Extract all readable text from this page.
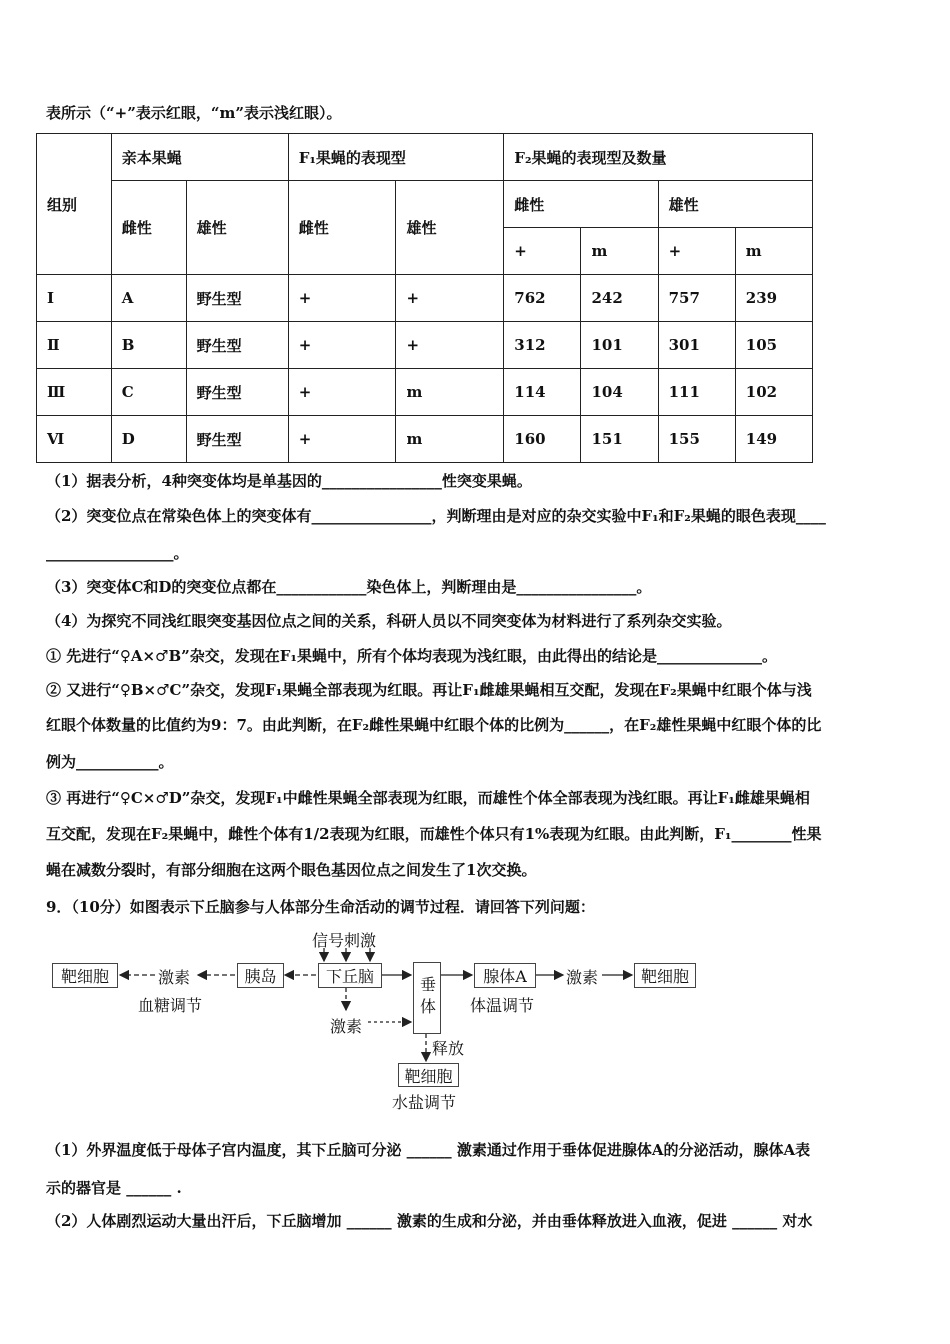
表所示（“+”表示红眼，“m”表示浅红眼）。
组别	亲本果蝇		F₁果蝇的表现型		F₂果蝇的表现型及数量			
	雌性	雄性	雌性	雄性	雌性		雄性	
					+	m	+	m
Ⅰ	A	野生型	+	+	762	242	757	239
Ⅱ	B	野生型	+	+	312	101	301	105
Ⅲ	C	野生型	+	m	114	104	111	102
Ⅵ	D	野生型	+	m	160	151	155	149
（1）据表分析，4种突变体均是单基因的________________性突变果蝇。
（2）突变位点在常染色体上的突变体有________________，判断理由是对应的杂交实验中F₁和F₂果蝇的眼色表现____
_________________。
（3）突变体C和D的突变位点都在____________染色体上，判断理由是________________。
（4）为探究不同浅红眼突变基因位点之间的关系，科研人员以不同突变体为材料进行了系列杂交实验。
① 先进行“♀A×♂B”杂交，发现在F₁果蝇中，所有个体均表现为浅红眼，由此得出的结论是______________。
② 又进行“♀B×♂C”杂交，发现F₁果蝇全部表现为红眼。再让F₁雌雄果蝇相互交配，发现在F₂果蝇中红眼个体与浅
红眼个体数量的比值约为9：7。由此判断，在F₂雌性果蝇中红眼个体的比例为______，在F₂雄性果蝇中红眼个体的比
例为___________。
③ 再进行“♀C×♂D”杂交，发现F₁中雌性果蝇全部表现为红眼，而雄性个体全部表现为浅红眼。再让F₁雌雄果蝇相
互交配，发现在F₂果蝇中，雌性个体有1/2表现为红眼，而雄性个体只有1%表现为红眼。由此判断，F₁________性果
蝇在减数分裂时，有部分细胞在这两个眼色基因位点之间发生了1次交换。
9．（10分）如图表示下丘脑参与人体部分生命活动的调节过程．请回答下列问题：
靶细胞	激素	胰岛	下丘脑	垂体	腺体A	激素	靶细胞
信号刺激
激素
释放
靶细胞
血糖调节	体温调节
水盐调节
（1）外界温度低于母体子宫内温度，其下丘脑可分泌 ______ 激素通过作用于垂体促进腺体A的分泌活动，腺体A表
示的器官是 ______ .
（2）人体剧烈运动大量出汗后，下丘脑增加 ______ 激素的生成和分泌，并由垂体释放进入血液，促进 ______ 对水
